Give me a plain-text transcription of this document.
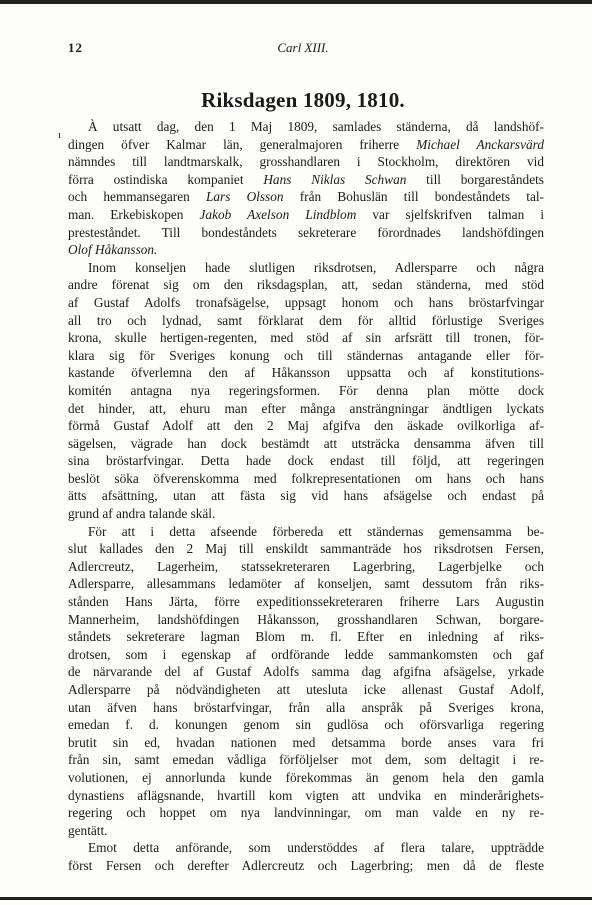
12	Carl XIII.
Riksdagen 1809, 1810.
ı
À utsatt dag, den 1 Maj 1809, samlades ständerna, då landshöf-
dingen öfver Kalmar län, generalmajoren friherre Michael Anckarsvärd
nämndes till landtmarskalk, grosshandlaren i Stockholm, direktören vid
förra ostindiska kompaniet Hans Niklas Schwan till borgareståndets
och hemmansegaren Lars Olsson från Bohuslän till bondeståndets tal-
man. Erkebiskopen Jakob Axelson Lindblom var sjelfskrifven talman i
presteståndet. Till bondeståndets sekreterare förordnades landshöfdingen
Olof Håkansson.
Inom konseljen hade slutligen riksdrotsen, Adlersparre och några
andre förenat sig om den riksdagsplan, att, sedan ständerna, med stöd
af Gustaf Adolfs tronafsägelse, uppsagt honom och hans bröstarfvingar
all tro och lydnad, samt förklarat dem för alltid förlustige Sveriges
krona, skulle hertigen-regenten, med stöd af sin arfsrätt till tronen, för-
klara sig för Sveriges konung och till ständernas antagande eller för-
kastande öfverlemna den af Håkansson uppsatta och af konstitutions-
komitén antagna nya regeringsformen. För denna plan mötte dock
det hinder, att, ehuru man efter många ansträngningar ändtligen lyckats
förmå Gustaf Adolf att den 2 Maj afgifva den äskade ovilkorliga af-
sägelsen, vägrade han dock bestämdt att utsträcka densamma äfven till
sina bröstarfvingar. Detta hade dock endast till följd, att regeringen
beslöt söka öfverenskomma med folkrepresentationen om hans och hans
ätts afsättning, utan att fästa sig vid hans afsägelse och endast på
grund af andra talande skäl.
För att i detta afseende förbereda ett ständernas gemensamma be-
slut kallades den 2 Maj till enskildt sammanträde hos riksdrotsen Fersen,
Adlercreutz, Lagerheim, statssekreteraren Lagerbring, Lagerbjelke och
Adlersparre, allesammans ledamöter af konseljen, samt dessutom från riks-
stånden Hans Järta, förre expeditionssekreteraren friherre Lars Augustin
Mannerheim, landshöfdingen Håkansson, grosshandlaren Schwan, borgare-
ståndets sekreterare lagman Blom m. fl. Efter en inledning af riks-
drotsen, som i egenskap af ordförande ledde sammankomsten och gaf
de närvarande del af Gustaf Adolfs samma dag afgifna afsägelse, yrkade
Adlersparre på nödvändigheten att utesluta icke allenast Gustaf Adolf,
utan äfven hans bröstarfvingar, från alla anspråk på Sveriges krona,
emedan f. d. konungen genom sin gudlösa och oförsvarliga regering
brutit sin ed, hvadan nationen med detsamma borde anses vara fri
från sin, samt emedan vådliga förföljelser mot dem, som deltagit i re-
volutionen, ej annorlunda kunde förekommas än genom hela den gamla
dynastiens aflägsnande, hvartill kom vigten att undvika en minderårighets-
regering och hoppet om nya landvinningar, om man valde en ny re-
gentätt.
Emot detta anförande, som understöddes af flera talare, uppträdde
först Fersen och derefter Adlercreutz och Lagerbring; men då de fleste
